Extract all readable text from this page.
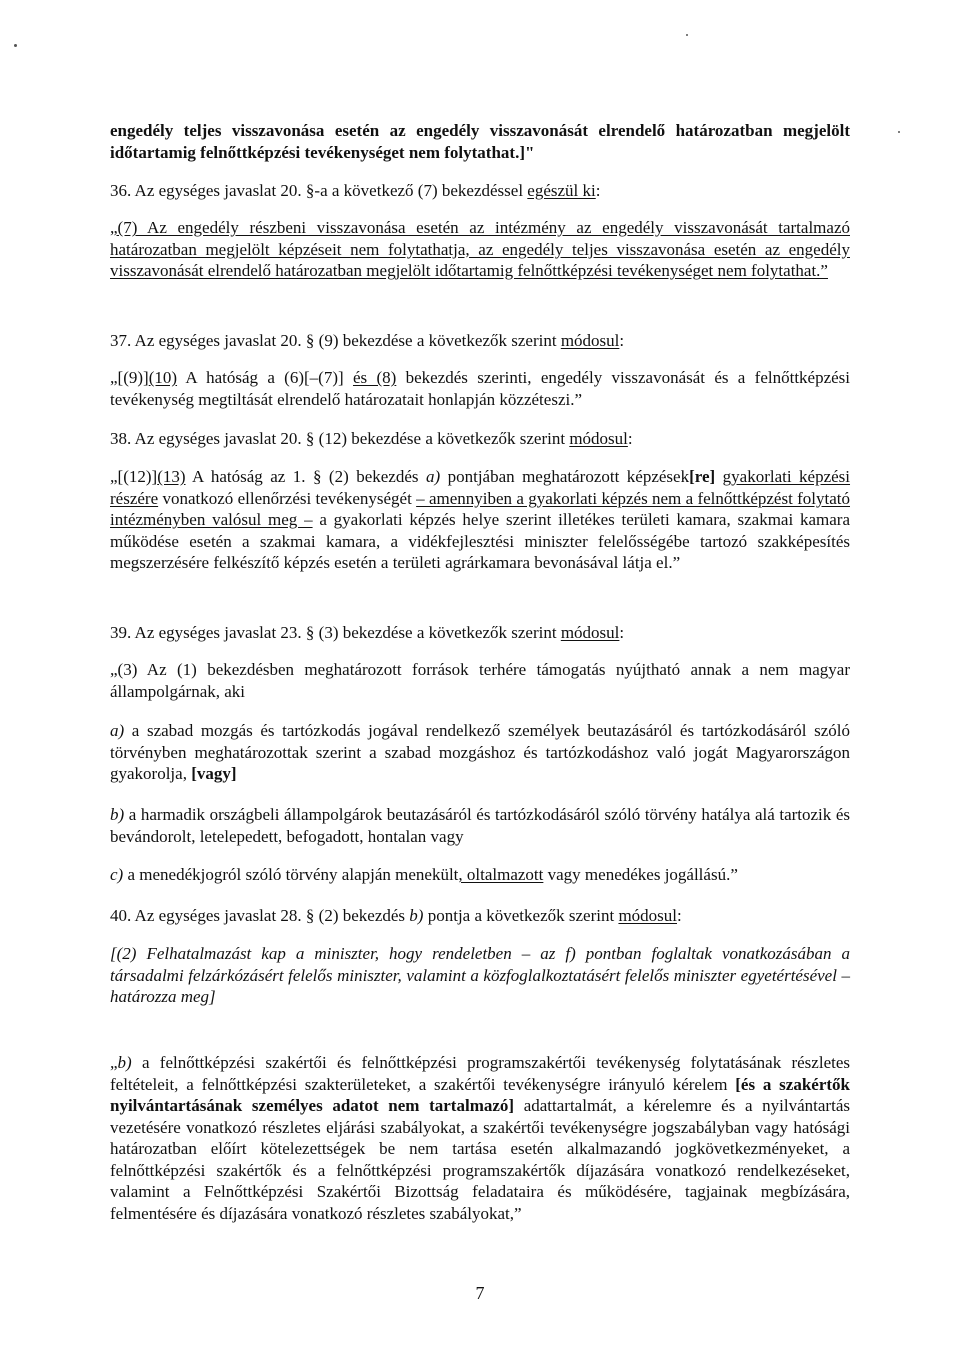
engedély teljes visszavonása esetén az engedély visszavonását elrendelő határozatban megjelölt időtartamig felnőttképzési tevékenységet nem folytathat.]"
36. Az egységes javaslat 20. §-a a következő (7) bekezdéssel egészül ki:
„(7) Az engedély részbeni visszavonása esetén az intézmény az engedély visszavonását tartalmazó határozatban megjelölt képzéseit nem folytathatja, az engedély teljes visszavonása esetén az engedély visszavonását elrendelő határozatban megjelölt időtartamig felnőttképzési tevékenységet nem folytathat.”
37. Az egységes javaslat 20. § (9) bekezdése a következők szerint módosul:
„[(9)](10) A hatóság a (6)[–(7)] és (8) bekezdés szerinti, engedély visszavonását és a felnőttképzési tevékenység megtiltását elrendelő határozatait honlapján közzéteszi.”
38. Az egységes javaslat 20. § (12) bekezdése a következők szerint módosul:
„[(12)](13) A hatóság az 1. § (2) bekezdés a) pontjában meghatározott képzések[re] gyakorlati képzési részére vonatkozó ellenőrzési tevékenységét – amennyiben a gyakorlati képzés nem a felnőttképzést folytató intézményben valósul meg – a gyakorlati képzés helye szerint illetékes területi kamara, szakmai kamara működése esetén a szakmai kamara, a vidékfejlesztési miniszter felelősségébe tartozó szakképesítés megszerzésére felkészítő képzés esetén a területi agrárkamara bevonásával látja el.”
39. Az egységes javaslat 23. § (3) bekezdése a következők szerint módosul:
„(3) Az (1) bekezdésben meghatározott források terhére támogatás nyújtható annak a nem magyar állampolgárnak, aki
a) a szabad mozgás és tartózkodás jogával rendelkező személyek beutazásáról és tartózkodásáról szóló törvényben meghatározottak szerint a szabad mozgáshoz és tartózkodáshoz való jogát Magyarországon gyakorolja, [vagy]
b) a harmadik országbeli állampolgárok beutazásáról és tartózkodásáról szóló törvény hatálya alá tartozik és bevándorolt, letelepedett, befogadott, hontalan vagy
c) a menedékjogról szóló törvény alapján menekült, oltalmazott vagy menedékes jogállású.”
40. Az egységes javaslat 28. § (2) bekezdés b) pontja a következők szerint módosul:
[(2) Felhatalmazást kap a miniszter, hogy rendeletben – az f) pontban foglaltak vonatkozásában a társadalmi felzárkózásért felelős miniszter, valamint a közfoglalkoztatásért felelős miniszter egyetértésével – határozza meg]
„b) a felnőttképzési szakértői és felnőttképzési programszakértői tevékenység folytatásának részletes feltételeit, a felnőttképzési szakterületeket, a szakértői tevékenységre irányuló kérelem [és a szakértők nyilvántartásának személyes adatot nem tartalmazó] adattartalmát, a kérelemre és a nyilvántartás vezetésére vonatkozó részletes eljárási szabályokat, a szakértői tevékenységre jogszabályban vagy hatósági határozatban előírt kötelezettségek be nem tartása esetén alkalmazandó jogkövetkezményeket, a felnőttképzési szakértők és a felnőttképzési programszakértők díjazására vonatkozó rendelkezéseket, valamint a Felnőttképzési Szakértői Bizottság feladataira és működésére, tagjainak megbízására, felmentésére és díjazására vonatkozó részletes szabályokat,”
7
